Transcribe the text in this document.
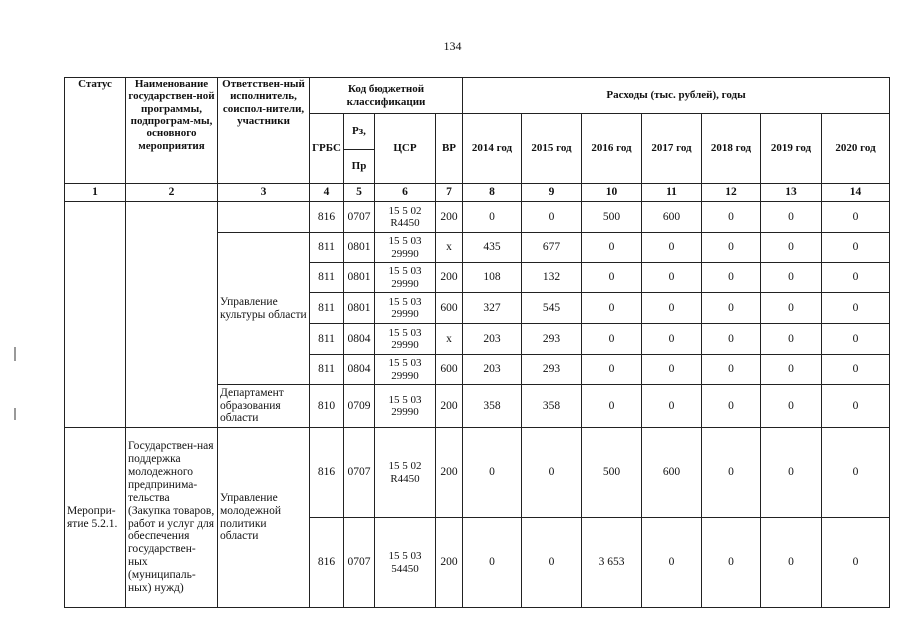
134
Статус	Наименование государствен-ной программы, подпрограм-мы, основного мероприятия	Ответствен-ный исполнитель, соиспол-нители, участники	Код бюджетной классификации				Расходы (тыс. рублей), годы						
			ГРБС	Рз,	ЦСР	ВР	2014 год	2015 год	2016 год	2017 год	2018 год	2019 год	2020 год
				Пр									
1	2	3	4	5	6	7	8	9	10	11	12	13	14
			816	0707	15 5 02 R4450	200	0	0	500	600	0	0	0
		Управление культуры области	811	0801	15 5 03 29990	х	435	677	0	0	0	0	0
			811	0801	15 5 03 29990	200	108	132	0	0	0	0	0
			811	0801	15 5 03 29990	600	327	545	0	0	0	0	0
			811	0804	15 5 03 29990	х	203	293	0	0	0	0	0
			811	0804	15 5 03 29990	600	203	293	0	0	0	0	0
		Департамент образования области	810	0709	15 5 03 29990	200	358	358	0	0	0	0	0
Меропри-ятие 5.2.1.	Государствен-ная поддержка молодежного предпринима-тельства (Закупка товаров, работ и услуг для обеспечения государствен-ных (муниципаль-ных) нужд)	Управление молодежной политики области	816	0707	15 5 02 R4450	200	0	0	500	600	0	0	0
			816	0707	15 5 03 54450	200	0	0	3 653	0	0	0	0
